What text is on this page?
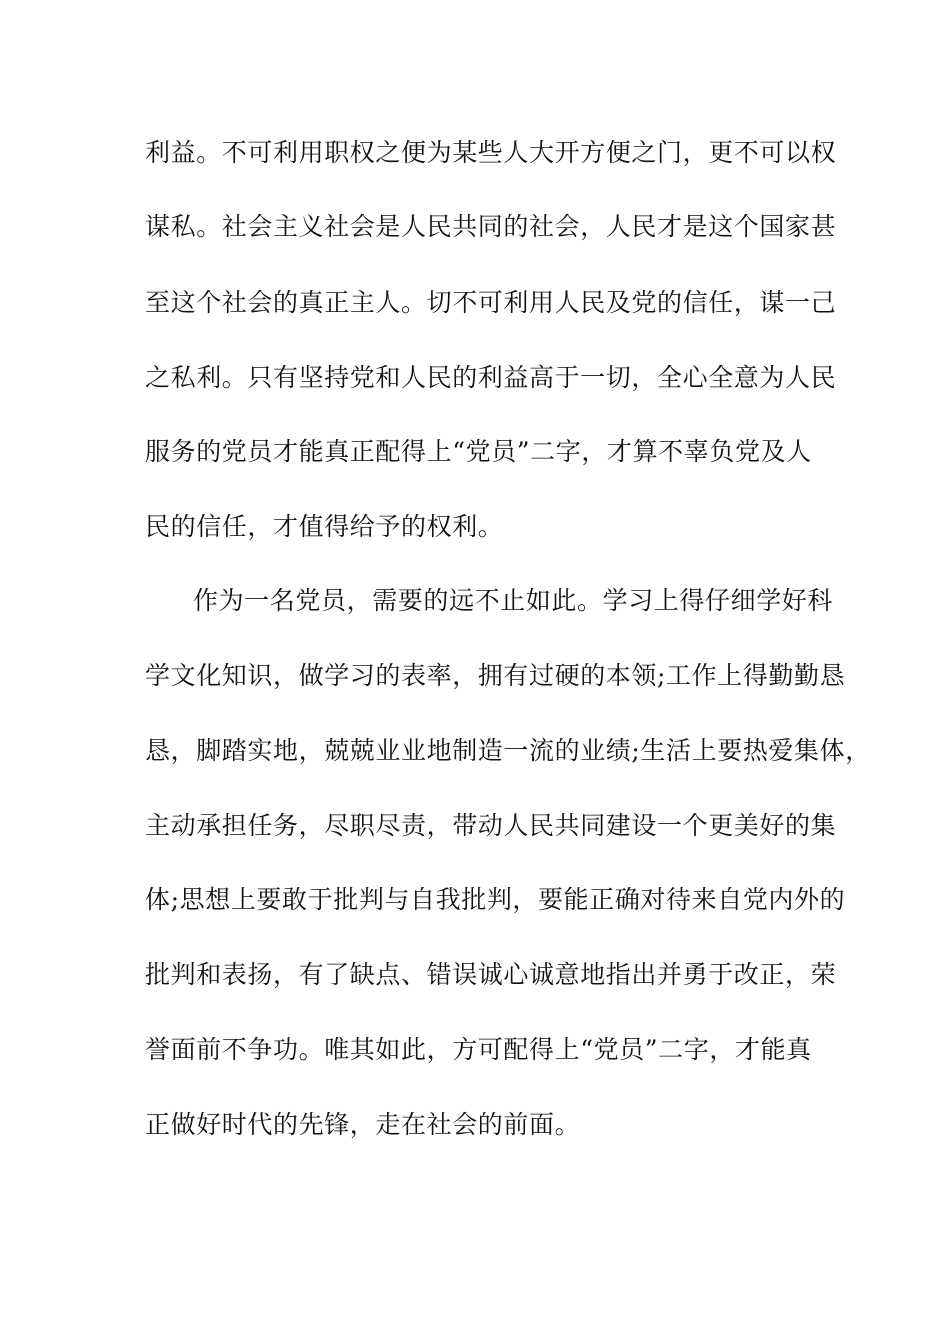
利益。不可利用职权之便为某些人大开方便之门，更不可以权
谋私。社会主义社会是人民共同的社会，人民才是这个国家甚
至这个社会的真正主人。切不可利用人民及党的信任，谋一己
之私利。只有坚持党和人民的利益高于一切，全心全意为人民
服务的党员才能真正配得上“党员”二字，才算不辜负党及人
民的信任，才值得给予的权利。
作为一名党员，需要的远不止如此。学习上得仔细学好科
学文化知识，做学习的表率，拥有过硬的本领;工作上得勤勤恳
恳，脚踏实地，兢兢业业地制造一流的业绩;生活上要热爱集体，
主动承担任务，尽职尽责，带动人民共同建设一个更美好的集
体;思想上要敢于批判与自我批判，要能正确对待来自党内外的
批判和表扬，有了缺点、错误诚心诚意地指出并勇于改正，荣
誉面前不争功。唯其如此，方可配得上“党员”二字，才能真
正做好时代的先锋，走在社会的前面。
